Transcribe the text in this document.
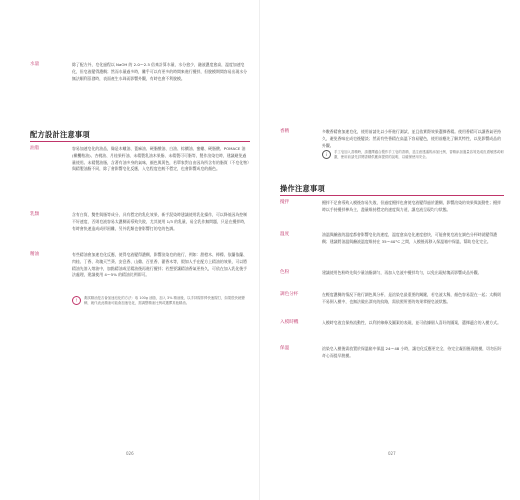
水量	除了配方外，皂化過程以 NaOH 的 2.0～2.5 倍來計算水量，水分愈少，融液濃度愈高，溫度加速皂化，但皂液變得濃稠；然而水量過多時，難乎可以有更多的時間來進行攪拌，但脫模期間容易出現水分無法順利蒸發時，表面產生水珠而影響外觀，有時也會不利脫模。
配方設計注意事項
油脂	容易加速皂化的油品，像是木蠟油、蓖麻油、硬脂酸油、白油、棕櫚油、蜜蠟、硬脂酸、POMACE 油(橄欖粕油)、杏桃油、月桂果籽油、未精製乳油木果脂、未精製可可脂等，製作渲染皂時，建議避免過量使用。未精製油脂，含著有油多身的氣味，顏色與黃色，若單家對自由因為所含有的脂質（不皂化物）與精製油脂不同，除了會影響皂化反應，入皂程度也較不穩定，也會影響成皂的顏色。
乳類	含有白質，雙性與脂等成分，具有穩定的乳化效果，新手混染時建議使用乳化操作，可以降低因為控制不好速度，否則皂液容易太濃稠而導致失敗，尤其使用 1/3 的乳量，易全乳作無問題，只是在攪拌時，有時會快速造成成形困難，另外乳類也會影響打的皂的色調。
精油	有些精油會加速皂化反應，使得皂液變得濃稠，影響渲染皂的進行，例如：甜橙木、檸檬、依蘭依蘭、肉桂、丁香、玫瑰天竺葵、安息香、山雞、百里香、藿香木等，假如人手在配方上精油的效果，可以將精油先溶入熔油中，加點精油或至精油後再進行攪拌；若想要讓精油香氣更持久，可依在加入乳化後手法處理，建議使用 4～5% 的精油比例即可。
!
測試精油是否會加速皂化的方法：取 100g 油脂，加入 3% 精油後，以手持攪拌棒快速攪打，如果很快就變稠，就代表此精油可能會加速皂化，需調整精油比例或選擇其他精油。
026
香精	多數香精會加速皂化，使用前請先以小杯進行測試，並且依實際效果選擇香精。使用香精可以讓香氣更持久，避免香味在成皂後變淡；然而有些香精在高溫下容易變色，使用前應先了解其特性，以免影響成品的外觀。
i
手工皂加入香精時，請選擇適合製作手工皂的香精，並注意建議的添加比例，香精添加過量容易造成皮膚敏感或刺激，使用前請先詳閱香精供應商提供的說明，以確保使用安全。
操作注意事項
攪拌	攪拌不足會導致入模後容易失敗，但過度攪拌也會使皂液變得過於濃稠，影響渲染的效果與流動性；攪拌時以手持攪拌棒為主，盡量維持穩定的速度與力道，讓皂液呈現均勻狀態。
溫度	油溫與鹼液的溫度都會影響皂化的速度，溫度愈高皂化速度愈快，可能會使皂液在調色分杯時就變得濃稠；建議將油溫與鹼液溫度維持在 35～40°C 之間，入模後再移入保溫箱中保溫，幫助皂化完全。
色粉	建議使用色粉時先與少量油脂調勻，再加入皂液中攪拌均勻，以免出現結塊而影響成品外觀。
調色分杯	在輕度濃稠的情況下進行調色與分杯，是渲染皂最重要的關鍵，若皂液太稀，顏色容易混在一起；太稠則不易倒入模中，也無法做出漂亮的紋路，需依照所要的效果掌握皂液狀態。
入模時機	入模時皂液宜保持流動性，以利於線條及圖案的表現，並可依據個人喜好的圖案，選擇適合的入模方式。
保溫	渲染皂入模後需放置於保溫箱中保溫 24～48 小時，讓皂化反應更完全，待完全凝固後再脫模，切勿因好奇心而提早脫模。
027
